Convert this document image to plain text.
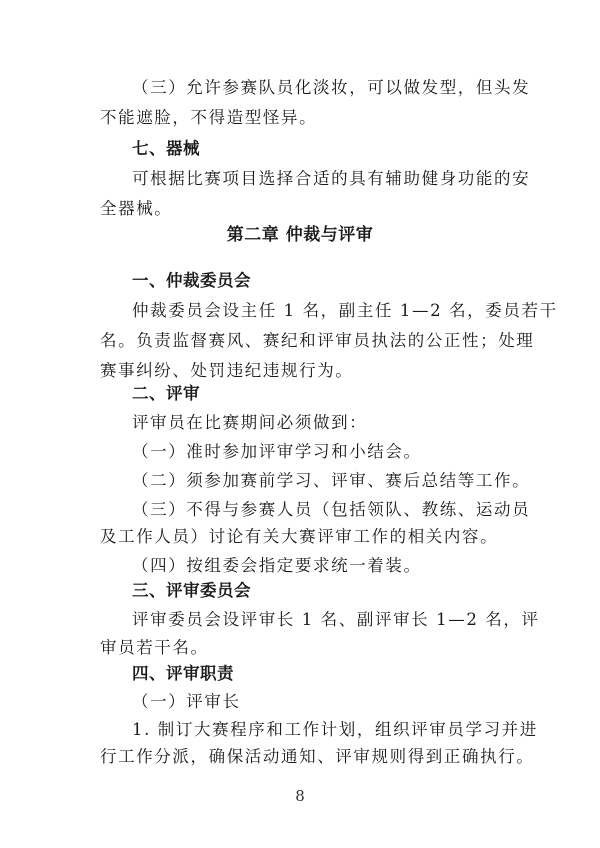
（三）允许参赛队员化淡妆，可以做发型，但头发
不能遮脸，不得造型怪异。
七、器械
可根据比赛项目选择合适的具有辅助健身功能的安
全器械。
第二章 仲裁与评审
一、仲裁委员会
仲裁委员会设主任 1 名，副主任 1—2 名，委员若干
名。负责监督赛风、赛纪和评审员执法的公正性；处理
赛事纠纷、处罚违纪违规行为。
二、评审
评审员在比赛期间必须做到：
（一）准时参加评审学习和小结会。
（二）须参加赛前学习、评审、赛后总结等工作。
（三）不得与参赛人员（包括领队、教练、运动员
及工作人员）讨论有关大赛评审工作的相关内容。
（四）按组委会指定要求统一着装。
三、评审委员会
评审委员会设评审长 1 名、副评审长 1—2 名，评
审员若干名。
四、评审职责
（一）评审长
1. 制订大赛程序和工作计划，组织评审员学习并进
行工作分派，确保活动通知、评审规则得到正确执行。
8
